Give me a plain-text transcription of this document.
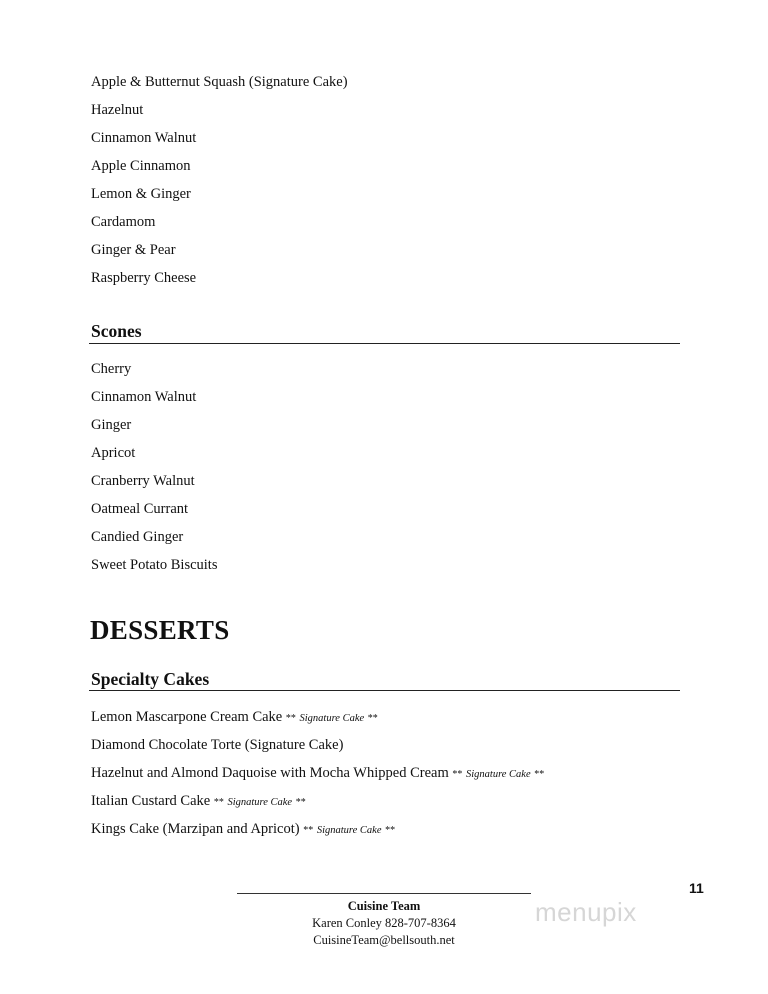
Apple & Butternut Squash (Signature Cake)
Hazelnut
Cinnamon Walnut
Apple Cinnamon
Lemon & Ginger
Cardamom
Ginger & Pear
Raspberry Cheese
Scones
Cherry
Cinnamon Walnut
Ginger
Apricot
Cranberry Walnut
Oatmeal Currant
Candied Ginger
Sweet Potato Biscuits
DESSERTS
Specialty Cakes
Lemon Mascarpone Cream Cake ** Signature Cake **
Diamond Chocolate Torte (Signature Cake)
Hazelnut and Almond Daquoise with Mocha Whipped Cream ** Signature Cake **
Italian Custard Cake ** Signature Cake **
Kings Cake (Marzipan and Apricot) ** Signature Cake **
Cuisine Team
Karen Conley 828-707-8364
CuisineTeam@bellsouth.net
11
menupix
